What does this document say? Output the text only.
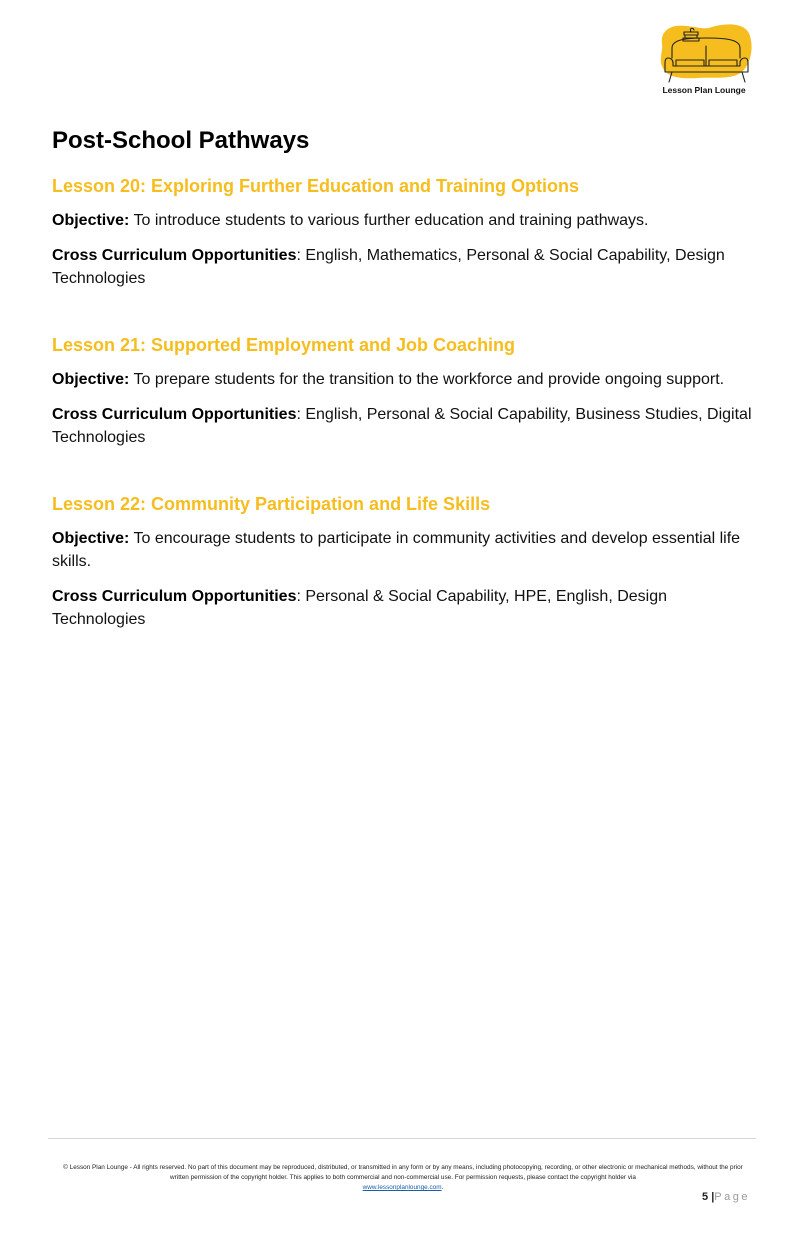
Lesson Plan Lounge
Post-School Pathways
Lesson 20: Exploring Further Education and Training Options

Objective: To introduce students to various further education and training pathways.

Cross Curriculum Opportunities: English, Mathematics, Personal & Social Capability, Design Technologies

Lesson 21: Supported Employment and Job Coaching

Objective: To prepare students for the transition to the workforce and provide ongoing support.

Cross Curriculum Opportunities: English, Personal & Social Capability, Business Studies, Digital Technologies

Lesson 22: Community Participation and Life Skills

Objective: To encourage students to participate in community activities and develop essential life skills.

Cross Curriculum Opportunities: Personal & Social Capability, HPE, English, Design Technologies

© Lesson Plan Lounge - All rights reserved. No part of this document may be reproduced, distributed, or transmitted in any form or by any means, including photocopying, recording, or other electronic or mechanical methods, without the prior written permission of the copyright holder. This applies to both commercial and non-commercial use. For permission requests, please contact the copyright holder via
www.lessonplanlounge.com.
5 |Page
